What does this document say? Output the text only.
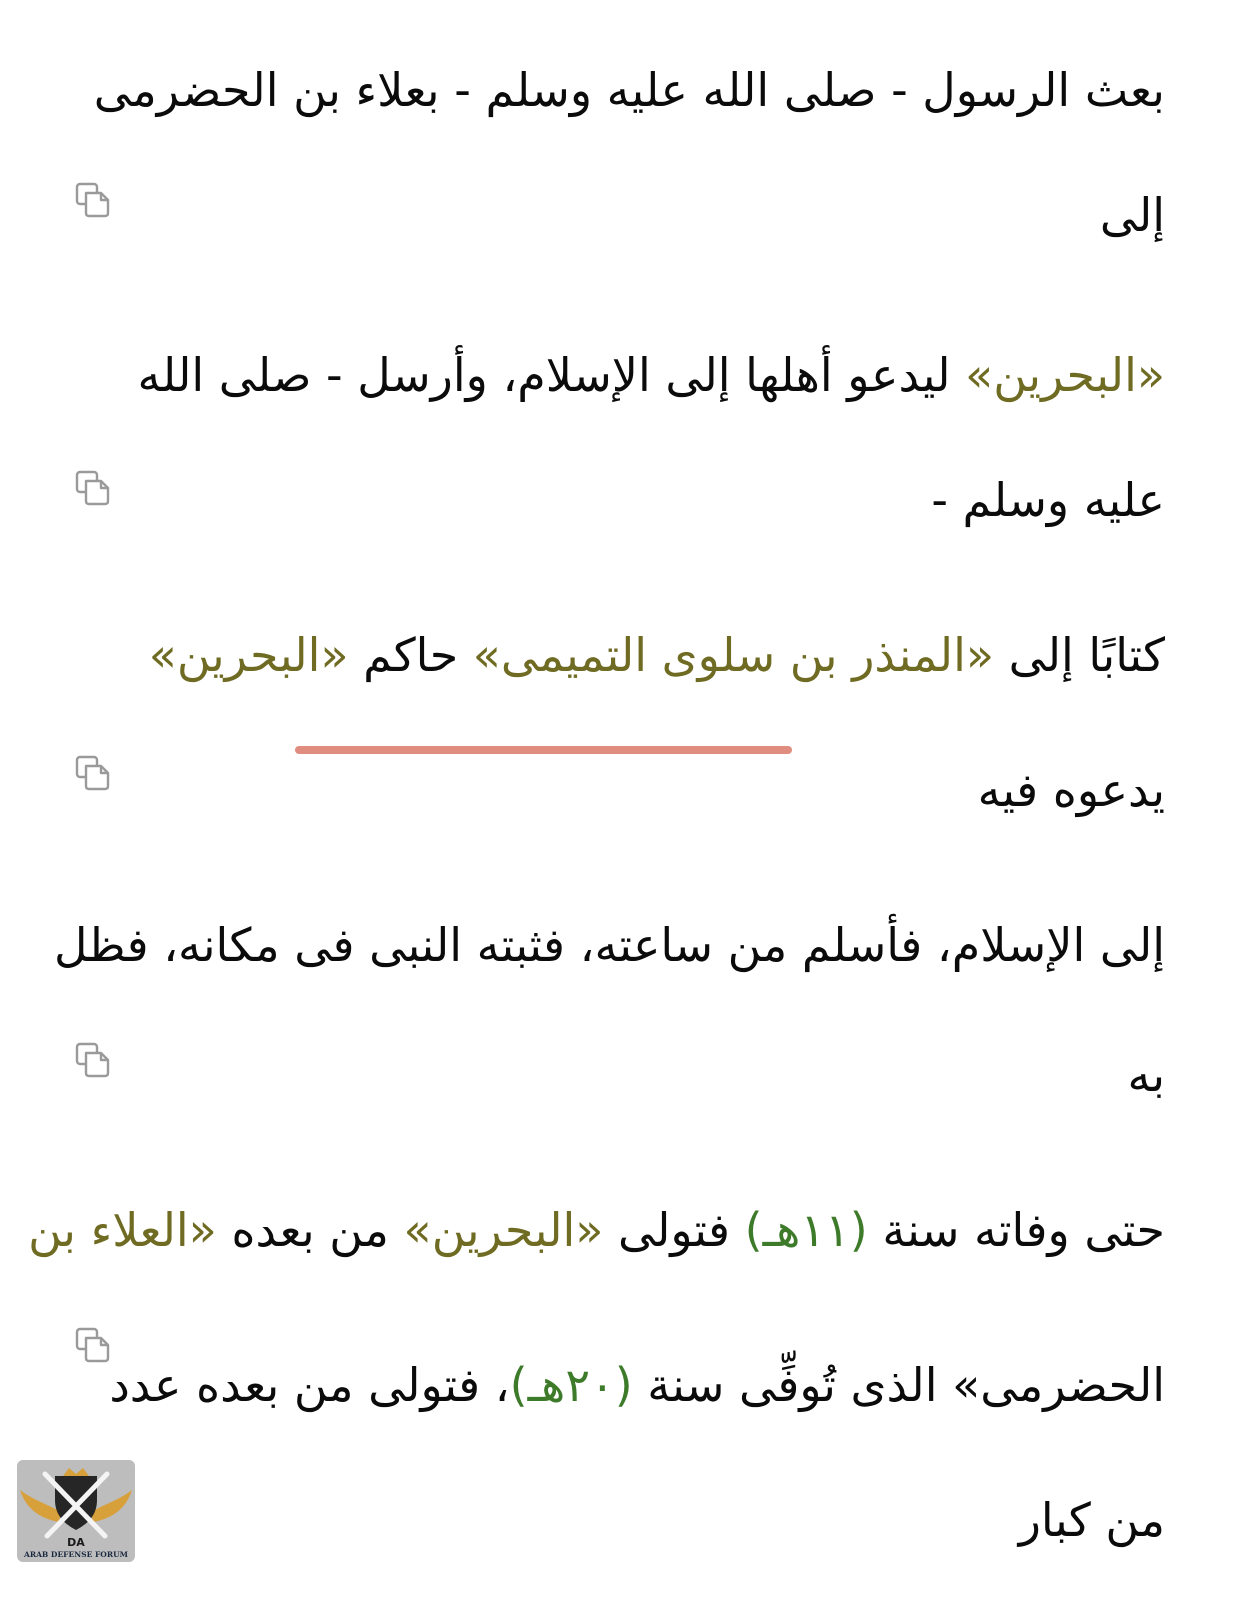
بعث الرسول - صلى الله عليه وسلم - بعلاء بن الحضرمى
إلى
«البحرين» ليدعو أهلها إلى الإسلام، وأرسل - صلى الله
عليه وسلم -
كتابًا إلى «المنذر بن سلوى التميمى» حاكم «البحرين»
يدعوه فيه
إلى الإسلام، فأسلم من ساعته، فثبته النبى فى مكانه، فظل
به
حتى وفاته سنة (١١هـ) فتولى «البحرين» من بعده «العلاء بن
الحضرمى» الذى تُوفِّى سنة (٢٠هـ)، فتولى من بعده عدد
من كبار
DA
ARAB DEFENSE FORUM
